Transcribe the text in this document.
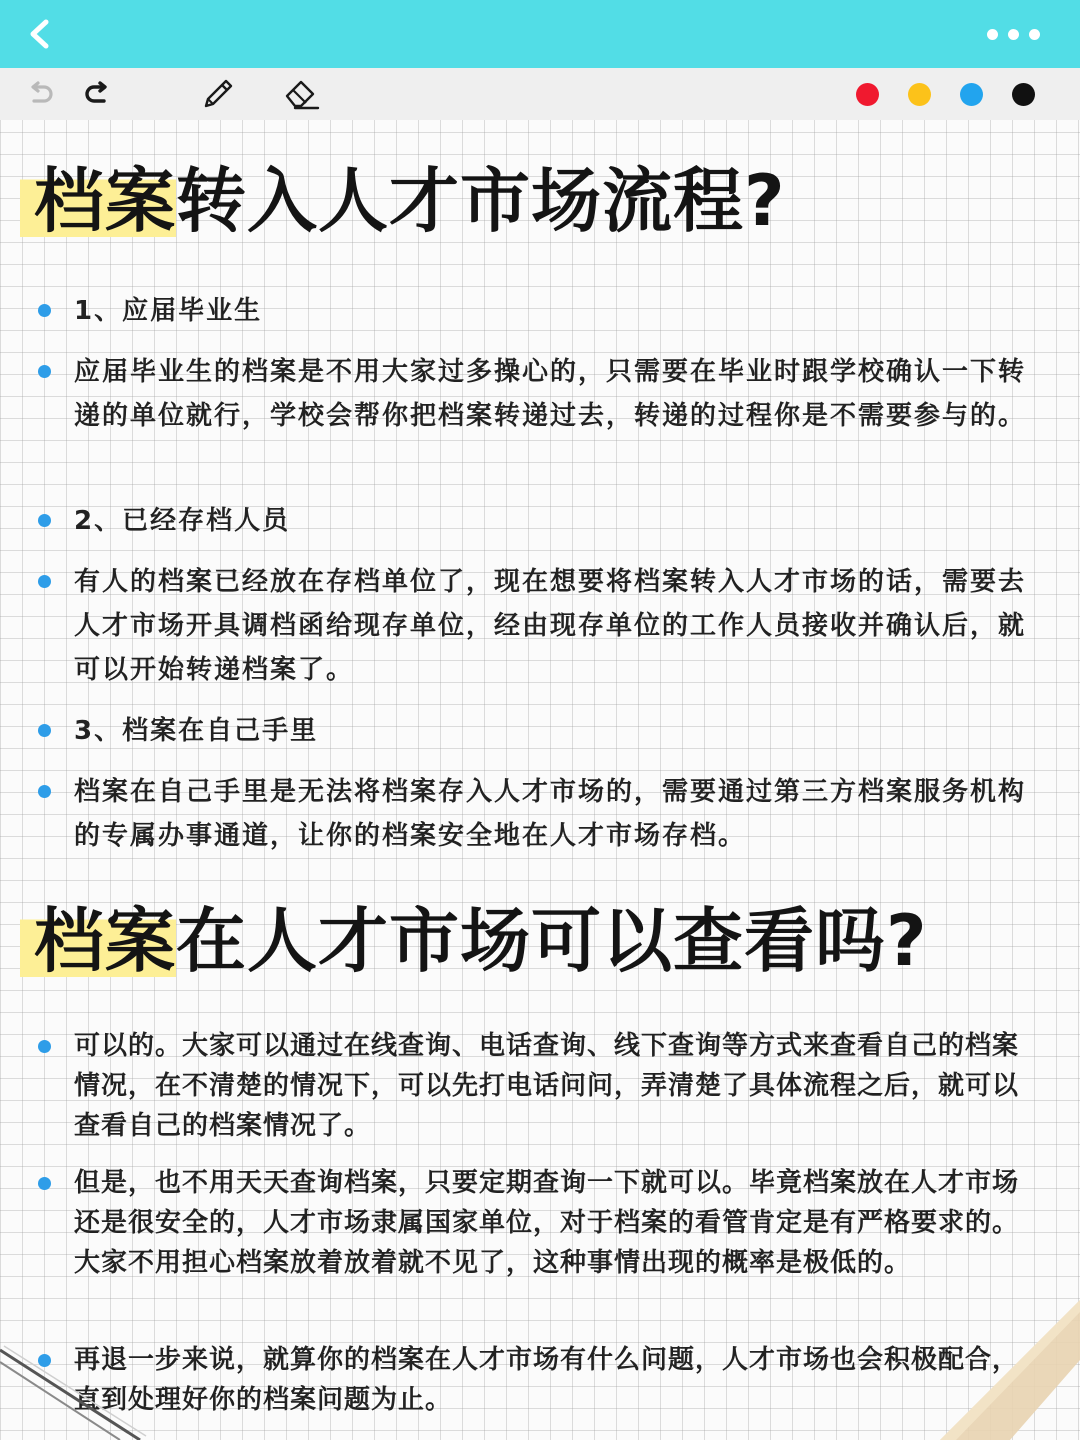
档案转入人才市场流程?
1、应届毕业生
应届毕业生的档案是不用大家过多操心的，只需要在毕业时跟学校确认一下转递的单位就行，学校会帮你把档案转递过去，转递的过程你是不需要参与的。
2、已经存档人员
有人的档案已经放在存档单位了，现在想要将档案转入人才市场的话，需要去人才市场开具调档函给现存单位，经由现存单位的工作人员接收并确认后，就可以开始转递档案了。
3、档案在自己手里
档案在自己手里是无法将档案存入人才市场的，需要通过第三方档案服务机构的专属办事通道，让你的档案安全地在人才市场存档。
档案在人才市场可以查看吗?
可以的。大家可以通过在线查询、电话查询、线下查询等方式来查看自己的档案情况，在不清楚的情况下，可以先打电话问问，弄清楚了具体流程之后，就可以查看自己的档案情况了。
但是，也不用天天查询档案，只要定期查询一下就可以。毕竟档案放在人才市场还是很安全的，人才市场隶属国家单位，对于档案的看管肯定是有严格要求的。大家不用担心档案放着放着就不见了，这种事情出现的概率是极低的。
再退一步来说，就算你的档案在人才市场有什么问题，人才市场也会积极配合，直到处理好你的档案问题为止。
